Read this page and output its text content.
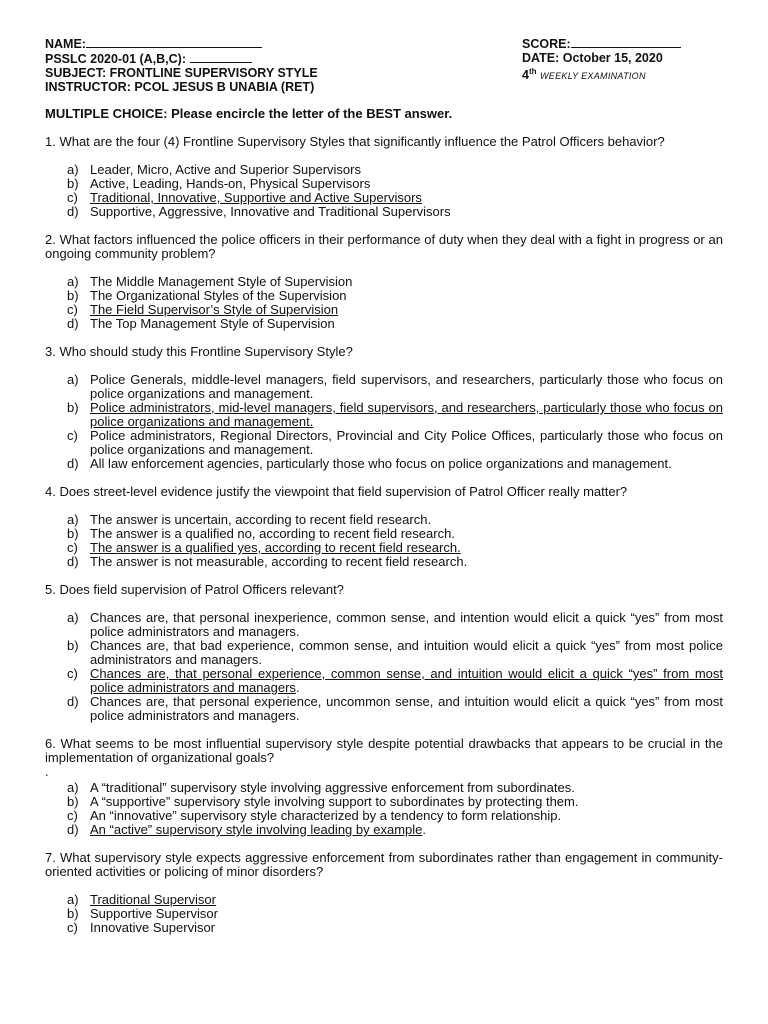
NAME:
PSSLC 2020-01 (A,B,C):
SUBJECT: FRONTLINE SUPERVISORY STYLE
INSTRUCTOR: PCOL JESUS B UNABIA (RET)
SCORE:
DATE: October 15, 2020
4th WEEKLY EXAMINATION
MULTIPLE CHOICE: Please encircle the letter of the BEST answer.
1. What are the four (4) Frontline Supervisory Styles that significantly influence the Patrol Officers behavior?
a) Leader, Micro, Active and Superior Supervisors
b) Active, Leading, Hands-on, Physical Supervisors
c) Traditional, Innovative, Supportive and Active Supervisors
d) Supportive, Aggressive, Innovative and Traditional Supervisors
2. What factors influenced the police officers in their performance of duty when they deal with a fight in progress or an ongoing community problem?
a) The Middle Management Style of Supervision
b) The Organizational Styles of the Supervision
c) The Field Supervisor’s Style of Supervision
d) The Top Management Style of Supervision
3. Who should study this Frontline Supervisory Style?
a) Police Generals, middle-level managers, field supervisors, and researchers, particularly those who focus on police organizations and management.
b) Police administrators, mid-level managers, field supervisors, and researchers, particularly those who focus on police organizations and management.
c) Police administrators, Regional Directors, Provincial and City Police Offices, particularly those who focus on police organizations and management.
d) All law enforcement agencies, particularly those who focus on police organizations and management.
4. Does street-level evidence justify the viewpoint that field supervision of Patrol Officer really matter?
a) The answer is uncertain, according to recent field research.
b) The answer is a qualified no, according to recent field research.
c) The answer is a qualified yes, according to recent field research.
d) The answer is not measurable, according to recent field research.
5. Does field supervision of Patrol Officers relevant?
a) Chances are, that personal inexperience, common sense, and intention would elicit a quick “yes” from most police administrators and managers.
b) Chances are, that bad experience, common sense, and intuition would elicit a quick “yes” from most police administrators and managers.
c) Chances are, that personal experience, common sense, and intuition would elicit a quick “yes” from most police administrators and managers.
d) Chances are, that personal experience, uncommon sense, and intuition would elicit a quick “yes” from most police administrators and managers.
6. What seems to be most influential supervisory style despite potential drawbacks that appears to be crucial in the implementation of organizational goals?
.
a) A “traditional” supervisory style involving aggressive enforcement from subordinates.
b) A “supportive” supervisory style involving support to subordinates by protecting them.
c) An “innovative” supervisory style characterized by a tendency to form relationship.
d) An “active” supervisory style involving leading by example.
7. What supervisory style expects aggressive enforcement from subordinates rather than engagement in community-oriented activities or policing of minor disorders?
a) Traditional Supervisor
b) Supportive Supervisor
c) Innovative Supervisor
